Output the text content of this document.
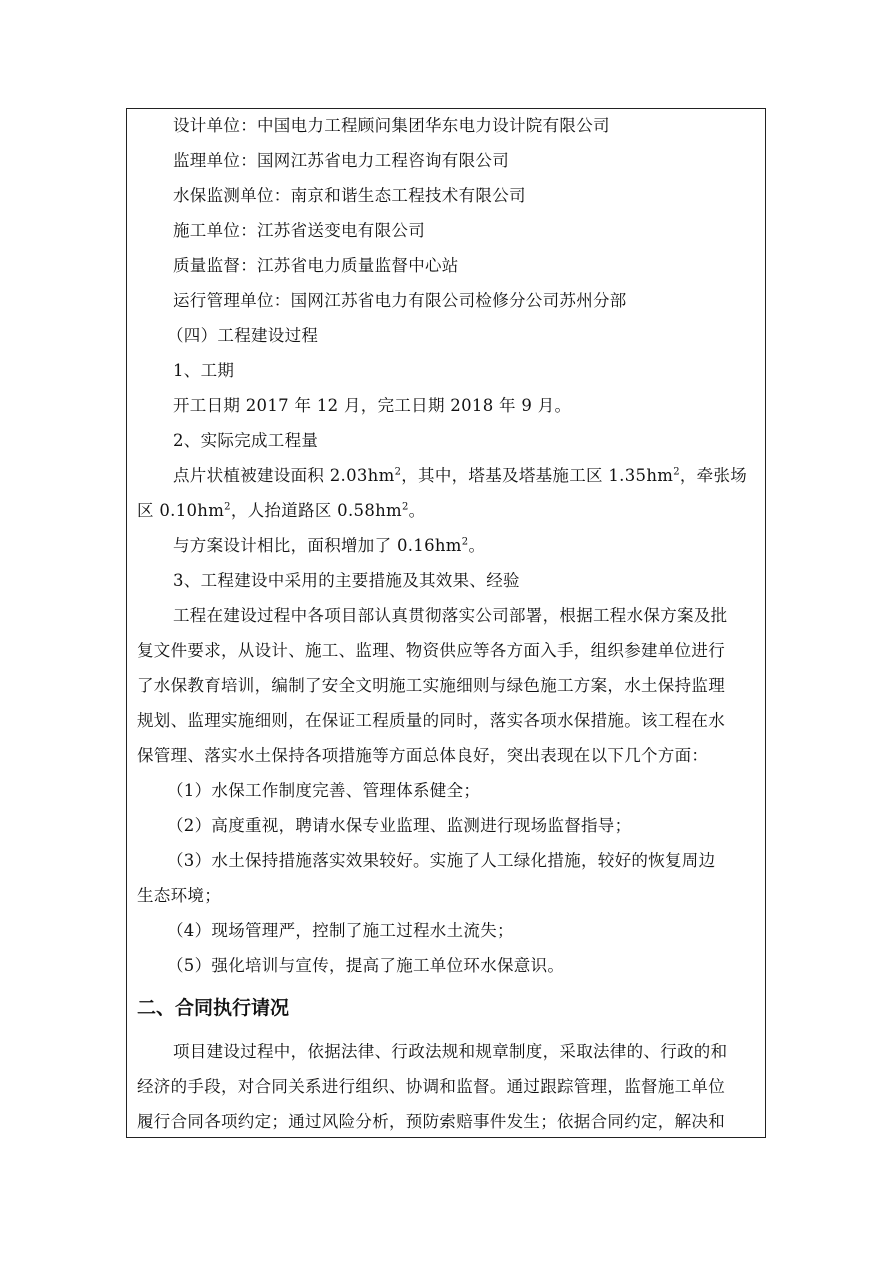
设计单位：中国电力工程顾问集团华东电力设计院有限公司
监理单位：国网江苏省电力工程咨询有限公司
水保监测单位：南京和谐生态工程技术有限公司
施工单位：江苏省送变电有限公司
质量监督：江苏省电力质量监督中心站
运行管理单位：国网江苏省电力有限公司检修分公司苏州分部
（四）工程建设过程
1、工期
开工日期 2017 年 12 月，完工日期 2018 年 9 月。
2、实际完成工程量
点片状植被建设面积 $2.03hm^2$，其中，塔基及塔基施工区 $1.35hm^2$，牵张场
区 $0.10hm^2$，人抬道路区 $0.58hm^2$。
与方案设计相比，面积增加了 $0.16hm^2$。
3、工程建设中采用的主要措施及其效果、经验
工程在建设过程中各项目部认真贯彻落实公司部署，根据工程水保方案及批
复文件要求，从设计、施工、监理、物资供应等各方面入手，组织参建单位进行
了水保教育培训，编制了安全文明施工实施细则与绿色施工方案，水土保持监理
规划、监理实施细则，在保证工程质量的同时，落实各项水保措施。该工程在水
保管理、落实水土保持各项措施等方面总体良好，突出表现在以下几个方面：
（1）水保工作制度完善、管理体系健全；
（2）高度重视，聘请水保专业监理、监测进行现场监督指导；
（3）水土保持措施落实效果较好。实施了人工绿化措施，较好的恢复周边
生态环境；
（4）现场管理严，控制了施工过程水土流失；
（5）强化培训与宣传，提高了施工单位环水保意识。
二、合同执行请况
项目建设过程中，依据法律、行政法规和规章制度，采取法律的、行政的和
经济的手段，对合同关系进行组织、协调和监督。通过跟踪管理，监督施工单位
履行合同各项约定；通过风险分析，预防索赔事件发生；依据合同约定，解决和
